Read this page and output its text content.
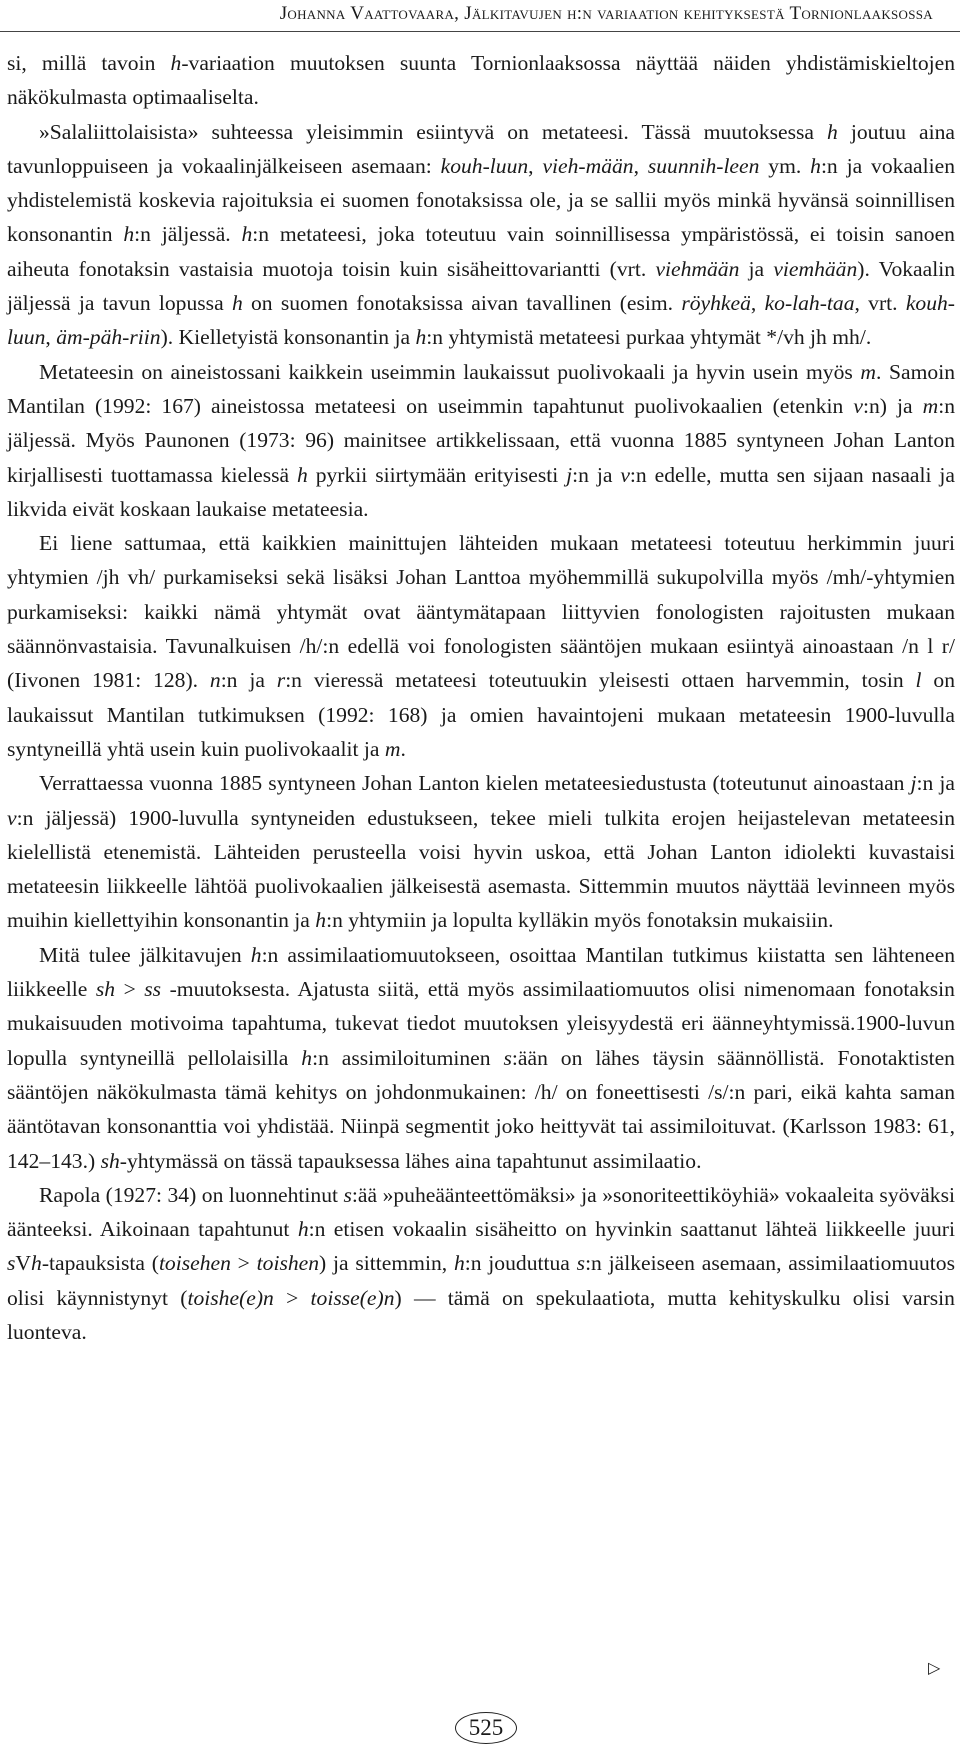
Johanna Vaattovaara, Jälkitavujen h:n variaation kehityksestä Tornionlaaksossa

si, millä tavoin h-variaation muutoksen suunta Tornionlaaksossa näyttää näiden yhdistämiskieltojen näkökulmasta optimaaliselta.

»Salaliittolaisista» suhteessa yleisimmin esiintyvä on metateesi. Tässä muutoksessa h joutuu aina tavunloppuiseen ja vokaalinjälkeiseen asemaan: kouh-luun, vieh-mään, suunnih-leen ym. h:n ja vokaalien yhdistelemistä koskevia rajoituksia ei suomen fonotaksissa ole, ja se sallii myös minkä hyvänsä soinnillisen konsonantin h:n jäljessä. h:n metateesi, joka toteutuu vain soinnillisessa ympäristössä, ei toisin sanoen aiheuta fonotaksin vastaisia muotoja toisin kuin sisäheittovariantti (vrt. viehmään ja viemhään). Vokaalin jäljessä ja tavun lopussa h on suomen fonotaksissa aivan tavallinen (esim. röyhkeä, ko-lah-taa, vrt. kouh-luun, äm-päh-riin). Kielletyistä konsonantin ja h:n yhtymistä metateesi purkaa yhtymät */vh jh mh/.

Metateesin on aineistossani kaikkein useimmin laukaissut puolivokaali ja hyvin usein myös m. Samoin Mantilan (1992: 167) aineistossa metateesi on useimmin tapahtunut puolivokaalien (etenkin v:n) ja m:n jäljessä. Myös Paunonen (1973: 96) mainitsee artikkelissaan, että vuonna 1885 syntyneen Johan Lanton kirjallisesti tuottamassa kielessä h pyrkii siirtymään erityisesti j:n ja v:n edelle, mutta sen sijaan nasaali ja likvida eivät koskaan laukaise metateesia.

Ei liene sattumaa, että kaikkien mainittujen lähteiden mukaan metateesi toteutuu herkimmin juuri yhtymien /jh vh/ purkamiseksi sekä lisäksi Johan Lanttoa myöhemmillä sukupolvilla myös /mh/-yhtymien purkamiseksi: kaikki nämä yhtymät ovat ääntymätapaan liittyvien fonologisten rajoitusten mukaan säännönvastaisia. Tavunalkuisen /h/:n edellä voi fonologisten sääntöjen mukaan esiintyä ainoastaan /n l r/ (Iivonen 1981: 128). n:n ja r:n vieressä metateesi toteutuukin yleisesti ottaen harvemmin, tosin l on laukaissut Mantilan tutkimuksen (1992: 168) ja omien havaintojeni mukaan metateesin 1900-luvulla syntyneillä yhtä usein kuin puolivokaalit ja m.

Verrattaessa vuonna 1885 syntyneen Johan Lanton kielen metateesiedustusta (toteutunut ainoastaan j:n ja v:n jäljessä) 1900-luvulla syntyneiden edustukseen, tekee mieli tulkita erojen heijastelevan metateesin kielellistä etenemistä. Lähteiden perusteella voisi hyvin uskoa, että Johan Lanton idiolekti kuvastaisi metateesin liikkeelle lähtöä puolivokaalien jälkeisestä asemasta. Sittemmin muutos näyttää levinneen myös muihin kiellettyihin konsonantin ja h:n yhtymiin ja lopulta kylläkin myös fonotaksin mukaisiin.

Mitä tulee jälkitavujen h:n assimilaatiomuutokseen, osoittaa Mantilan tutkimus kiistatta sen lähteneen liikkeelle sh > ss -muutoksesta. Ajatusta siitä, että myös assimilaatiomuutos olisi nimenomaan fonotaksin mukaisuuden motivoima tapahtuma, tukevat tiedot muutoksen yleisyydestä eri äänneyhtymissä.1900-luvun lopulla syntyneillä pellolaisilla h:n assimiloituminen s:ään on lähes täysin säännöllistä. Fonotaktisten sääntöjen näkökulmasta tämä kehitys on johdonmukainen: /h/ on foneettisesti /s/:n pari, eikä kahta saman ääntötavan konsonanttia voi yhdistää. Niinpä segmentit joko heittyvät tai assimiloituvat. (Karlsson 1983: 61, 142–143.) sh-yhtymässä on tässä tapauksessa lähes aina tapahtunut assimilaatio.

Rapola (1927: 34) on luonnehtinut s:ää »puheäänteettömäksi» ja »sonoriteettiköyhiä» vokaaleita syöväksi äänteeksi. Aikoinaan tapahtunut h:n etisen vokaalin sisäheitto on hyvinkin saattanut lähteä liikkeelle juuri sVh-tapauksista (toisehen > toishen) ja sittemmin, h:n jouduttua s:n jälkeiseen asemaan, assimilaatiomuutos olisi käynnistynyt (toishe(e)n > toisse(e)n) — tämä on spekulaatiota, mutta kehityskulku olisi varsin luonteva.

▷
525
